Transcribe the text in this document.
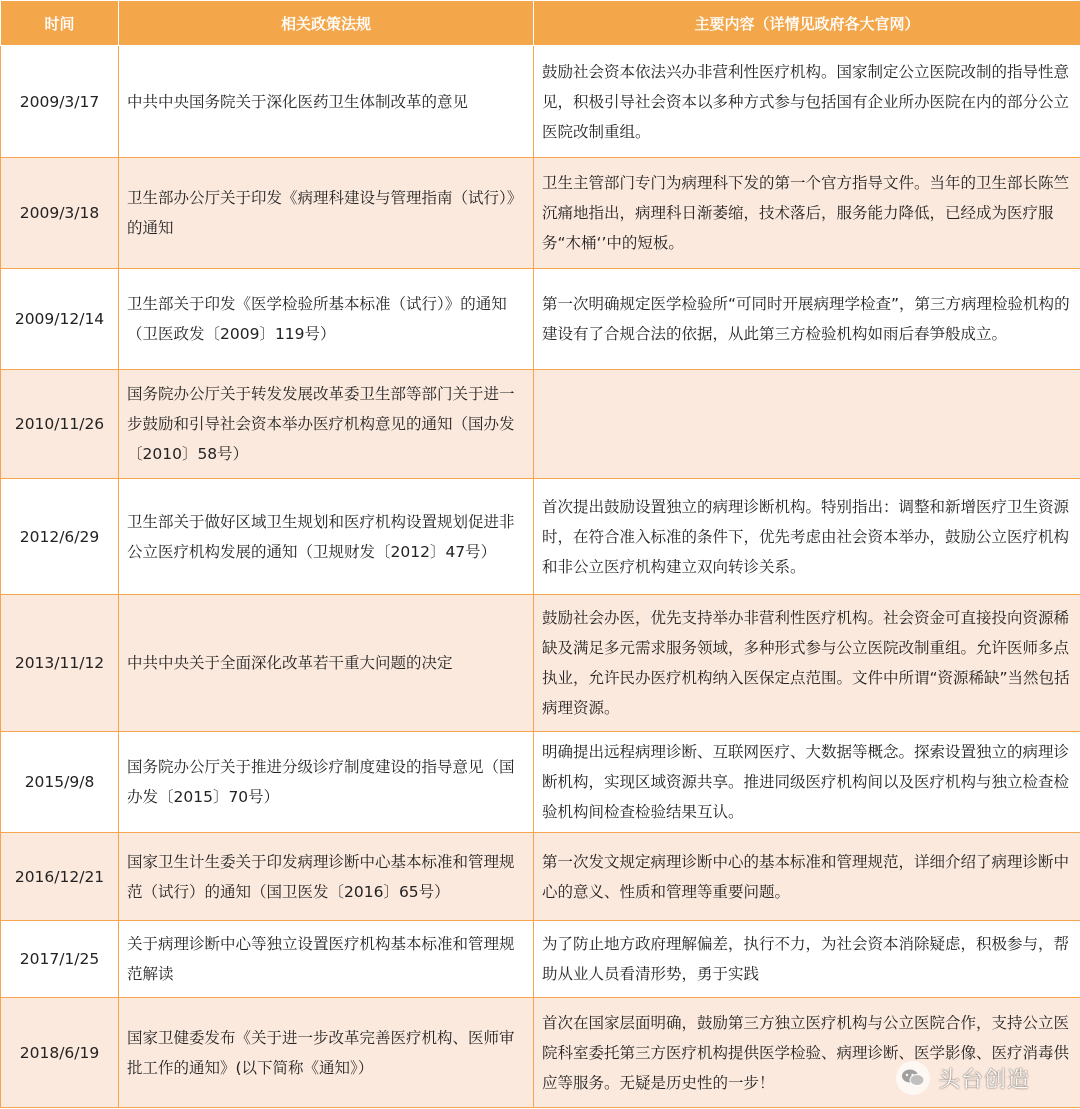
时间	相关政策法规	主要内容（详情见政府各大官网）
2009/3/17	中共中央国务院关于深化医药卫生体制改革的意见	鼓励社会资本依法兴办非营利性医疗机构。国家制定公立医院改制的指导性意见，积极引导社会资本以多种方式参与包括国有企业所办医院在内的部分公立医院改制重组。
2009/3/18	卫生部办公厅关于印发《病理科建设与管理指南（试行）》的通知	卫生主管部门专门为病理科下发的第一个官方指导文件。当年的卫生部长陈竺沉痛地指出，病理科日渐萎缩，技术落后，服务能力降低，已经成为医疗服务“木桶‘’中的短板。
2009/12/14	卫生部关于印发《医学检验所基本标准（试行）》的通知（卫医政发〔2009〕119号）	第一次明确规定医学检验所“可同时开展病理学检查”，第三方病理检验机构的建设有了合规合法的依据，从此第三方检验机构如雨后春笋般成立。
2010/11/26	国务院办公厅关于转发发展改革委卫生部等部门关于进一步鼓励和引导社会资本举办医疗机构意见的通知（国办发〔2010〕58号）	
2012/6/29	卫生部关于做好区域卫生规划和医疗机构设置规划促进非公立医疗机构发展的通知（卫规财发〔2012〕47号）	首次提出鼓励设置独立的病理诊断机构。特别指出：调整和新增医疗卫生资源时，在符合准入标准的条件下，优先考虑由社会资本举办，鼓励公立医疗机构和非公立医疗机构建立双向转诊关系。
2013/11/12	中共中央关于全面深化改革若干重大问题的决定	鼓励社会办医，优先支持举办非营利性医疗机构。社会资金可直接投向资源稀缺及满足多元需求服务领域，多种形式参与公立医院改制重组。允许医师多点执业，允许民办医疗机构纳入医保定点范围。文件中所谓“资源稀缺”当然包括病理资源。
2015/9/8	国务院办公厅关于推进分级诊疗制度建设的指导意见（国办发〔2015〕70号）	明确提出远程病理诊断、互联网医疗、大数据等概念。探索设置独立的病理诊断机构，实现区域资源共享。推进同级医疗机构间以及医疗机构与独立检查检验机构间检查检验结果互认。
2016/12/21	国家卫生计生委关于印发病理诊断中心基本标准和管理规范（试行）的通知（国卫医发〔2016〕65号）	第一次发文规定病理诊断中心的基本标准和管理规范，详细介绍了病理诊断中心的意义、性质和管理等重要问题。
2017/1/25	关于病理诊断中心等独立设置医疗机构基本标准和管理规范解读	为了防止地方政府理解偏差，执行不力，为社会资本消除疑虑，积极参与，帮助从业人员看清形势，勇于实践
2018/6/19	国家卫健委发布《关于进一步改革完善医疗机构、医师审批工作的通知》(以下简称《通知》）	首次在国家层面明确，鼓励第三方独立医疗机构与公立医院合作，支持公立医院科室委托第三方医疗机构提供医学检验、病理诊断、医学影像、医疗消毒供应等服务。无疑是历史性的一步！	头台创造
